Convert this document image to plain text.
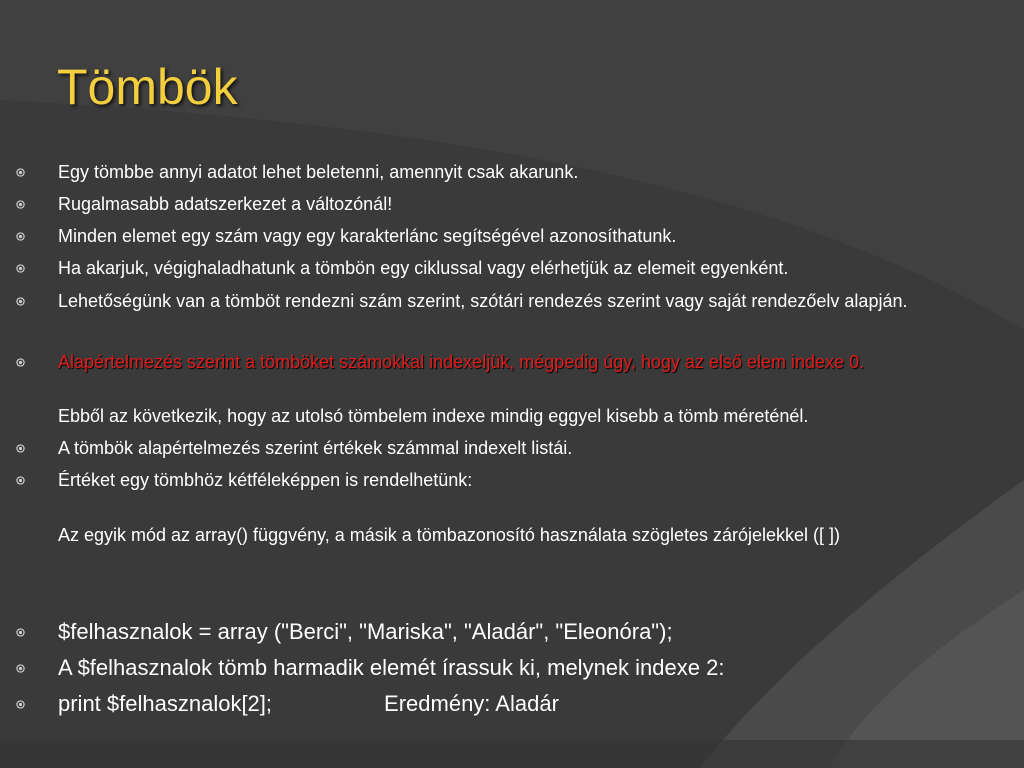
Tömbök

Egy tömbbe annyi adatot lehet beletenni, amennyit csak akarunk.

Rugalmasabb adatszerkezet a változónál!

Minden elemet egy szám vagy egy karakterlánc segítségével azonosíthatunk.

Ha akarjuk, végighaladhatunk a tömbön egy ciklussal vagy elérhetjük az elemeit egyenként.

Lehetőségünk van a tömböt rendezni szám szerint, szótári rendezés szerint vagy saját rendezőelv alapján.

Alapértelmezés szerint a tömböket számokkal indexeljük, mégpedig úgy, hogy az első elem indexe 0.

Ebből az következik, hogy az utolsó tömbelem indexe mindig eggyel kisebb a tömb méreténél.

A tömbök alapértelmezés szerint értékek számmal indexelt listái.

Értéket egy tömbhöz kétféleképpen is rendelhetünk:

Az egyik mód az array() függvény, a másik a tömbazonosító használata szögletes zárójelekkel ([ ])

$felhasznalok = array ("Berci", "Mariska", "Aladár", "Eleonóra");

A $felhasznalok tömb harmadik elemét írassuk ki, melynek indexe 2:

print $felhasznalok[2];	Eredmény: Aladár
